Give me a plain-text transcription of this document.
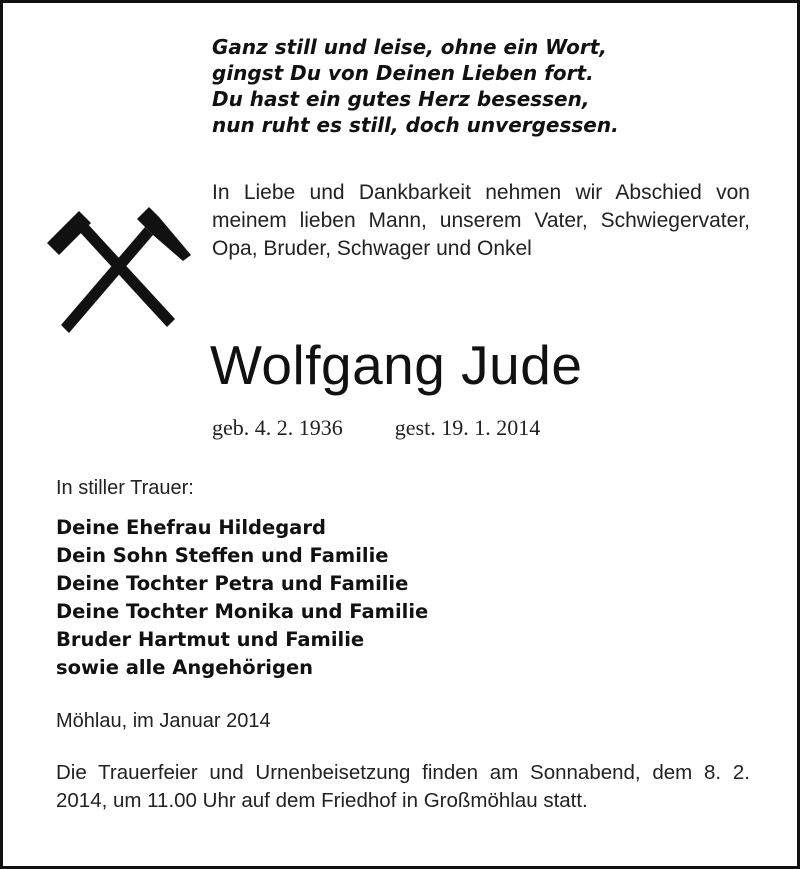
Ganz still und leise, ohne ein Wort,
gingst Du von Deinen Lieben fort.
Du hast ein gutes Herz besessen,
nun ruht es still, doch unvergessen.
In Liebe und Dankbarkeit nehmen wir Abschied von meinem lieben Mann, unserem Vater, Schwiegervater, Opa, Bruder, Schwager und Onkel
Wolfgang Jude
geb. 4. 2. 1936 gest. 19. 1. 2014
In stiller Trauer:
Deine Ehefrau Hildegard
Dein Sohn Steffen und Familie
Deine Tochter Petra und Familie
Deine Tochter Monika und Familie
Bruder Hartmut und Familie
sowie alle Angehörigen
Möhlau, im Januar 2014
Die Trauerfeier und Urnenbeisetzung finden am Sonnabend, dem 8. 2. 2014, um 11.00 Uhr auf dem Friedhof in Großmöhlau statt.
